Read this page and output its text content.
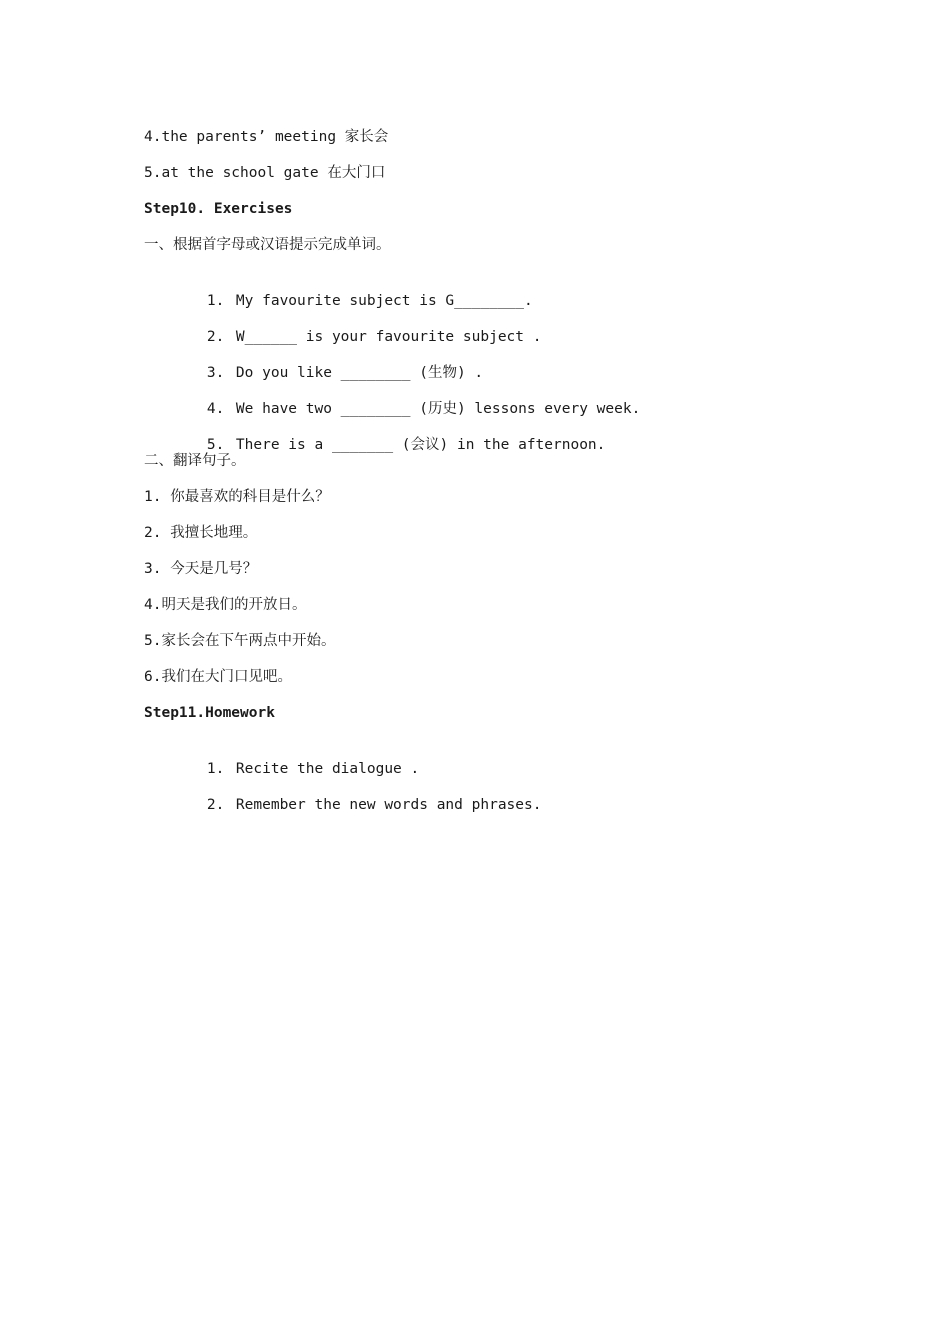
4.the parents’ meeting 家长会
5.at the school gate 在大门口
Step10. Exercises
一、根据首字母或汉语提示完成单词。

1. My favourite subject is G________.

2. W______ is your favourite subject .

3. Do you like ________ (生物) .

4. We have two ________ (历史) lessons every week.

5. There is a _______ (会议) in the afternoon.

二、翻译句子。
1. 你最喜欢的科目是什么？
2. 我擅长地理。
3. 今天是几号？
4.明天是我们的开放日。
5.家长会在下午两点中开始。
6.我们在大门口见吧。
Step11.Homework

1. Recite the dialogue .

2. Remember the new words and phrases.
